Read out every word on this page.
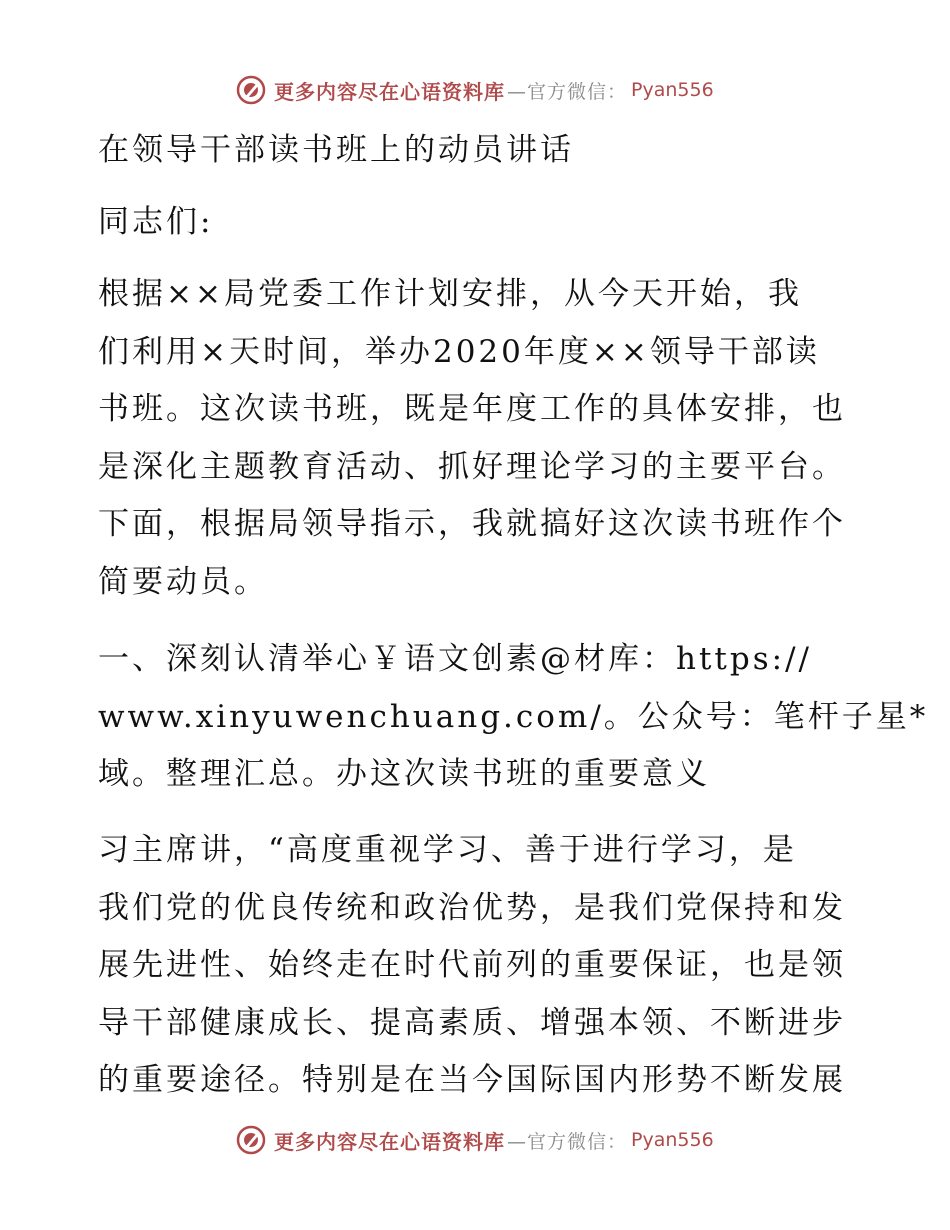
更多内容尽在心语资料库 —官方微信： Pyan556
在领导干部读书班上的动员讲话
同志们:
根据××局党委工作计划安排，从今天开始，我
们利用×天时间，举办2020年度××领导干部读
书班。这次读书班，既是年度工作的具体安排，也
是深化主题教育活动、抓好理论学习的主要平台。
下面，根据局领导指示，我就搞好这次读书班作个
简要动员。
一、深刻认清举心￥语文创素@材库：https://
www.xinyuwenchuang.com/。公众号：笔杆子星*
域。整理汇总。办这次读书班的重要意义
习主席讲，“高度重视学习、善于进行学习，是
我们党的优良传统和政治优势，是我们党保持和发
展先进性、始终走在时代前列的重要保证，也是领
导干部健康成长、提高素质、增强本领、不断进步
的重要途径。特别是在当今国际国内形势不断发展
更多内容尽在心语资料库 —官方微信： Pyan556
